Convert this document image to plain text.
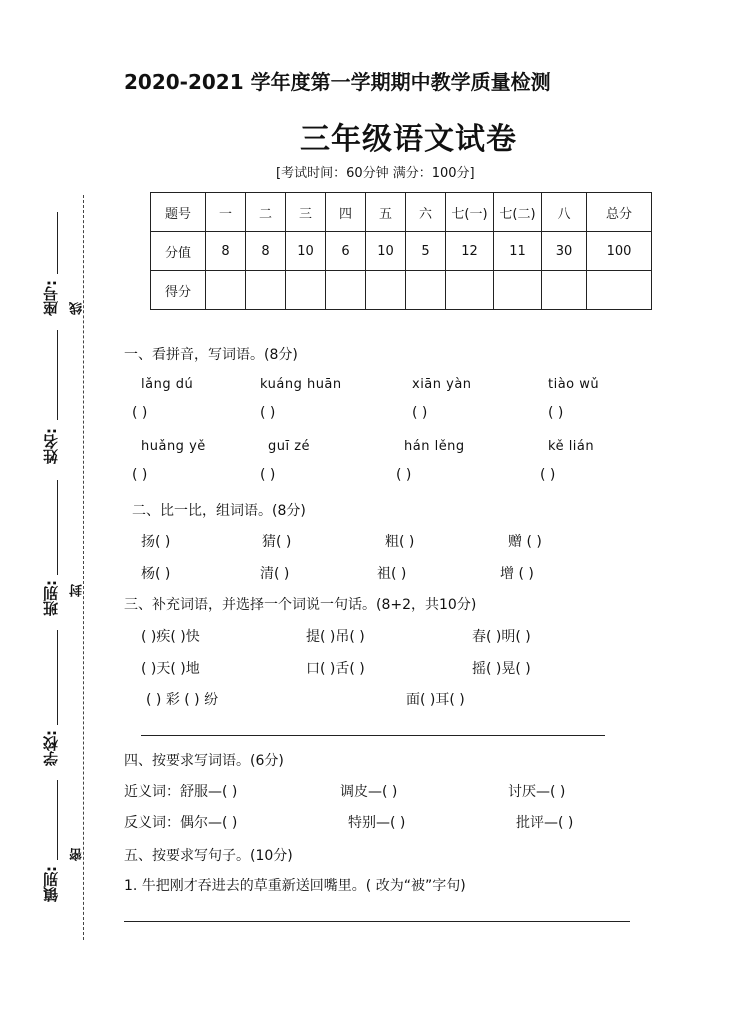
2020-2021 学年度第一学期期中教学质量检测
三年级语文试卷
[考试时间：60分钟 满分：100分]
题号	一	二	三	四	五	六	七(一)	七(二)	八	总分
分值	8	8	10	6	10	5	12	11	30	100
得分										
座号:
姓名:
班别:
学校:
镇别:
线
封
密
一、看拼音，写词语。(8分)
lǎng dú	kuáng huān	xiān yàn	tiào wǔ
( )	( )	( )	( )
huǎng yě	guī zé	hán lěng	kě lián
( )	( )	( )	( )
二、比一比，组词语。(8分)
扬( )	猜( )	粗( )	赠 ( )
杨( )	清( )	祖( )	增 ( )
三、补充词语，并选择一个词说一句话。(8+2，共10分)
( )疾( )快	提( )吊( )	春( )明( )
( )天( )地	口( )舌( )	摇( )晃( )
( ) 彩 ( ) 纷	面( )耳( )
四、按要求写词语。(6分)
近义词：舒服—( )	调皮—( )	讨厌—( )
反义词：偶尔—( )	特别—( )	批评—( )
五、按要求写句子。(10分)
1. 牛把刚才吞进去的草重新送回嘴里。( 改为“被”字句)
